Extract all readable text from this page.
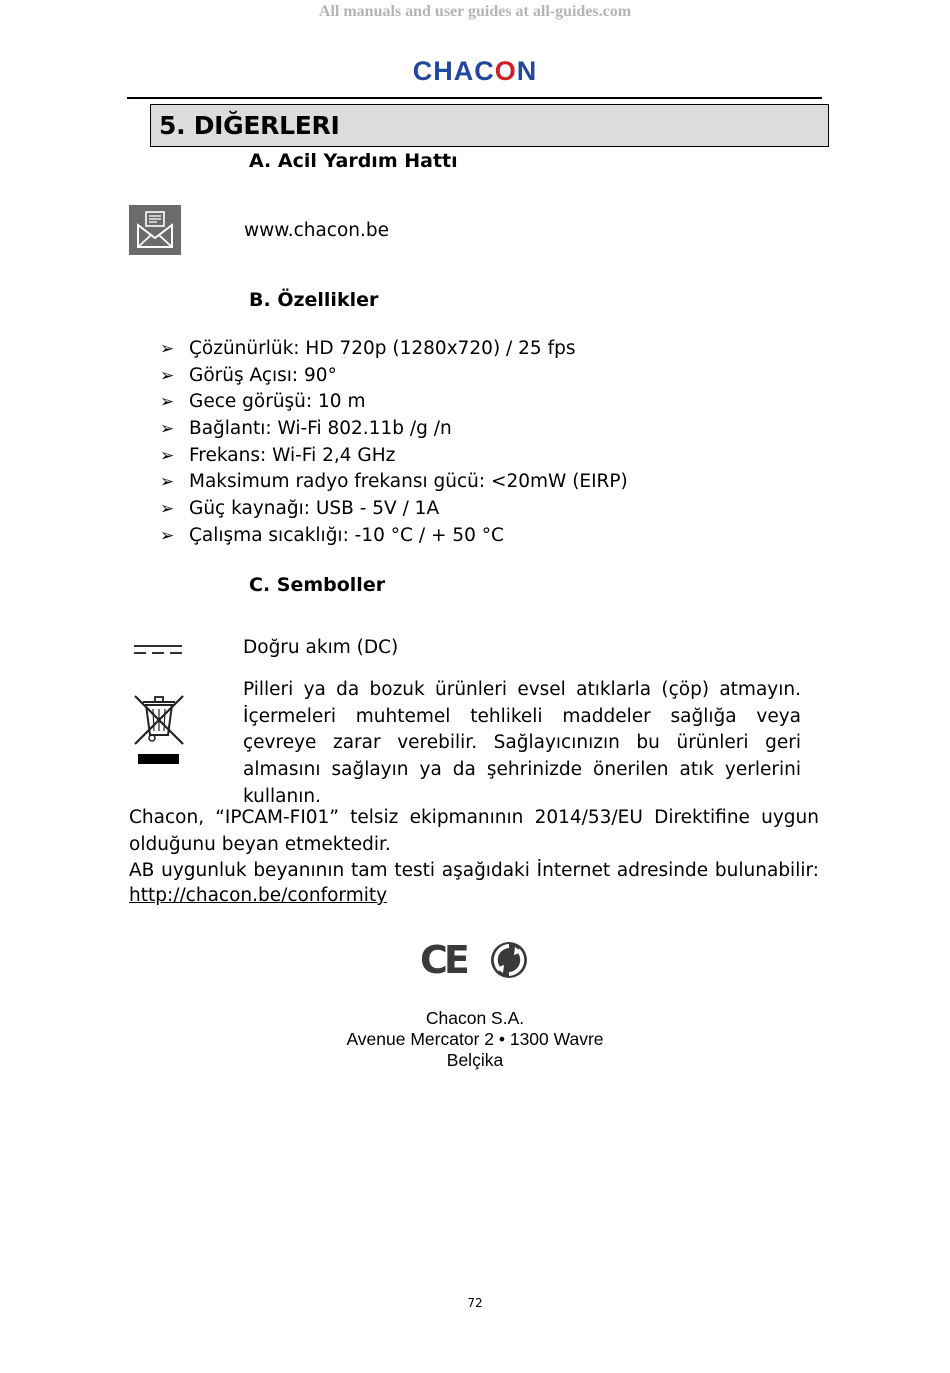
All manuals and user guides at all-guides.com
CHACON
5. DIĞERLERI
A. Acil Yardım Hattı
www.chacon.be
B. Özellikler
➢ Çözünürlük: HD 720p (1280x720) / 25 fps
➢ Görüş Açısı: 90°
➢ Gece görüşü: 10 m
➢ Bağlantı: Wi-Fi 802.11b /g /n
➢ Frekans: Wi-Fi 2,4 GHz
➢ Maksimum radyo frekansı gücü: <20mW (EIRP)
➢ Güç kaynağı: USB - 5V / 1A
➢ Çalışma sıcaklığı: -10 °C / + 50 °C
C. Semboller
Doğru akım (DC)
Pilleri ya da bozuk ürünleri evsel atıklarla (çöp) atmayın. İçermeleri muhtemel tehlikeli maddeler sağlığa veya çevreye zarar verebilir. Sağlayıcınızın bu ürünleri geri almasını sağlayın ya da şehrinizde önerilen atık yerlerini kullanın.
Chacon, “IPCAM-FI01” telsiz ekipmanının 2014/53/EU Direktifine uygun olduğunu beyan etmektedir.
AB uygunluk beyanının tam testi aşağıdaki İnternet adresinde bulunabilir:
http://chacon.be/conformity
CE
Chacon S.A.
Avenue Mercator 2 • 1300 Wavre
Belçika
72
